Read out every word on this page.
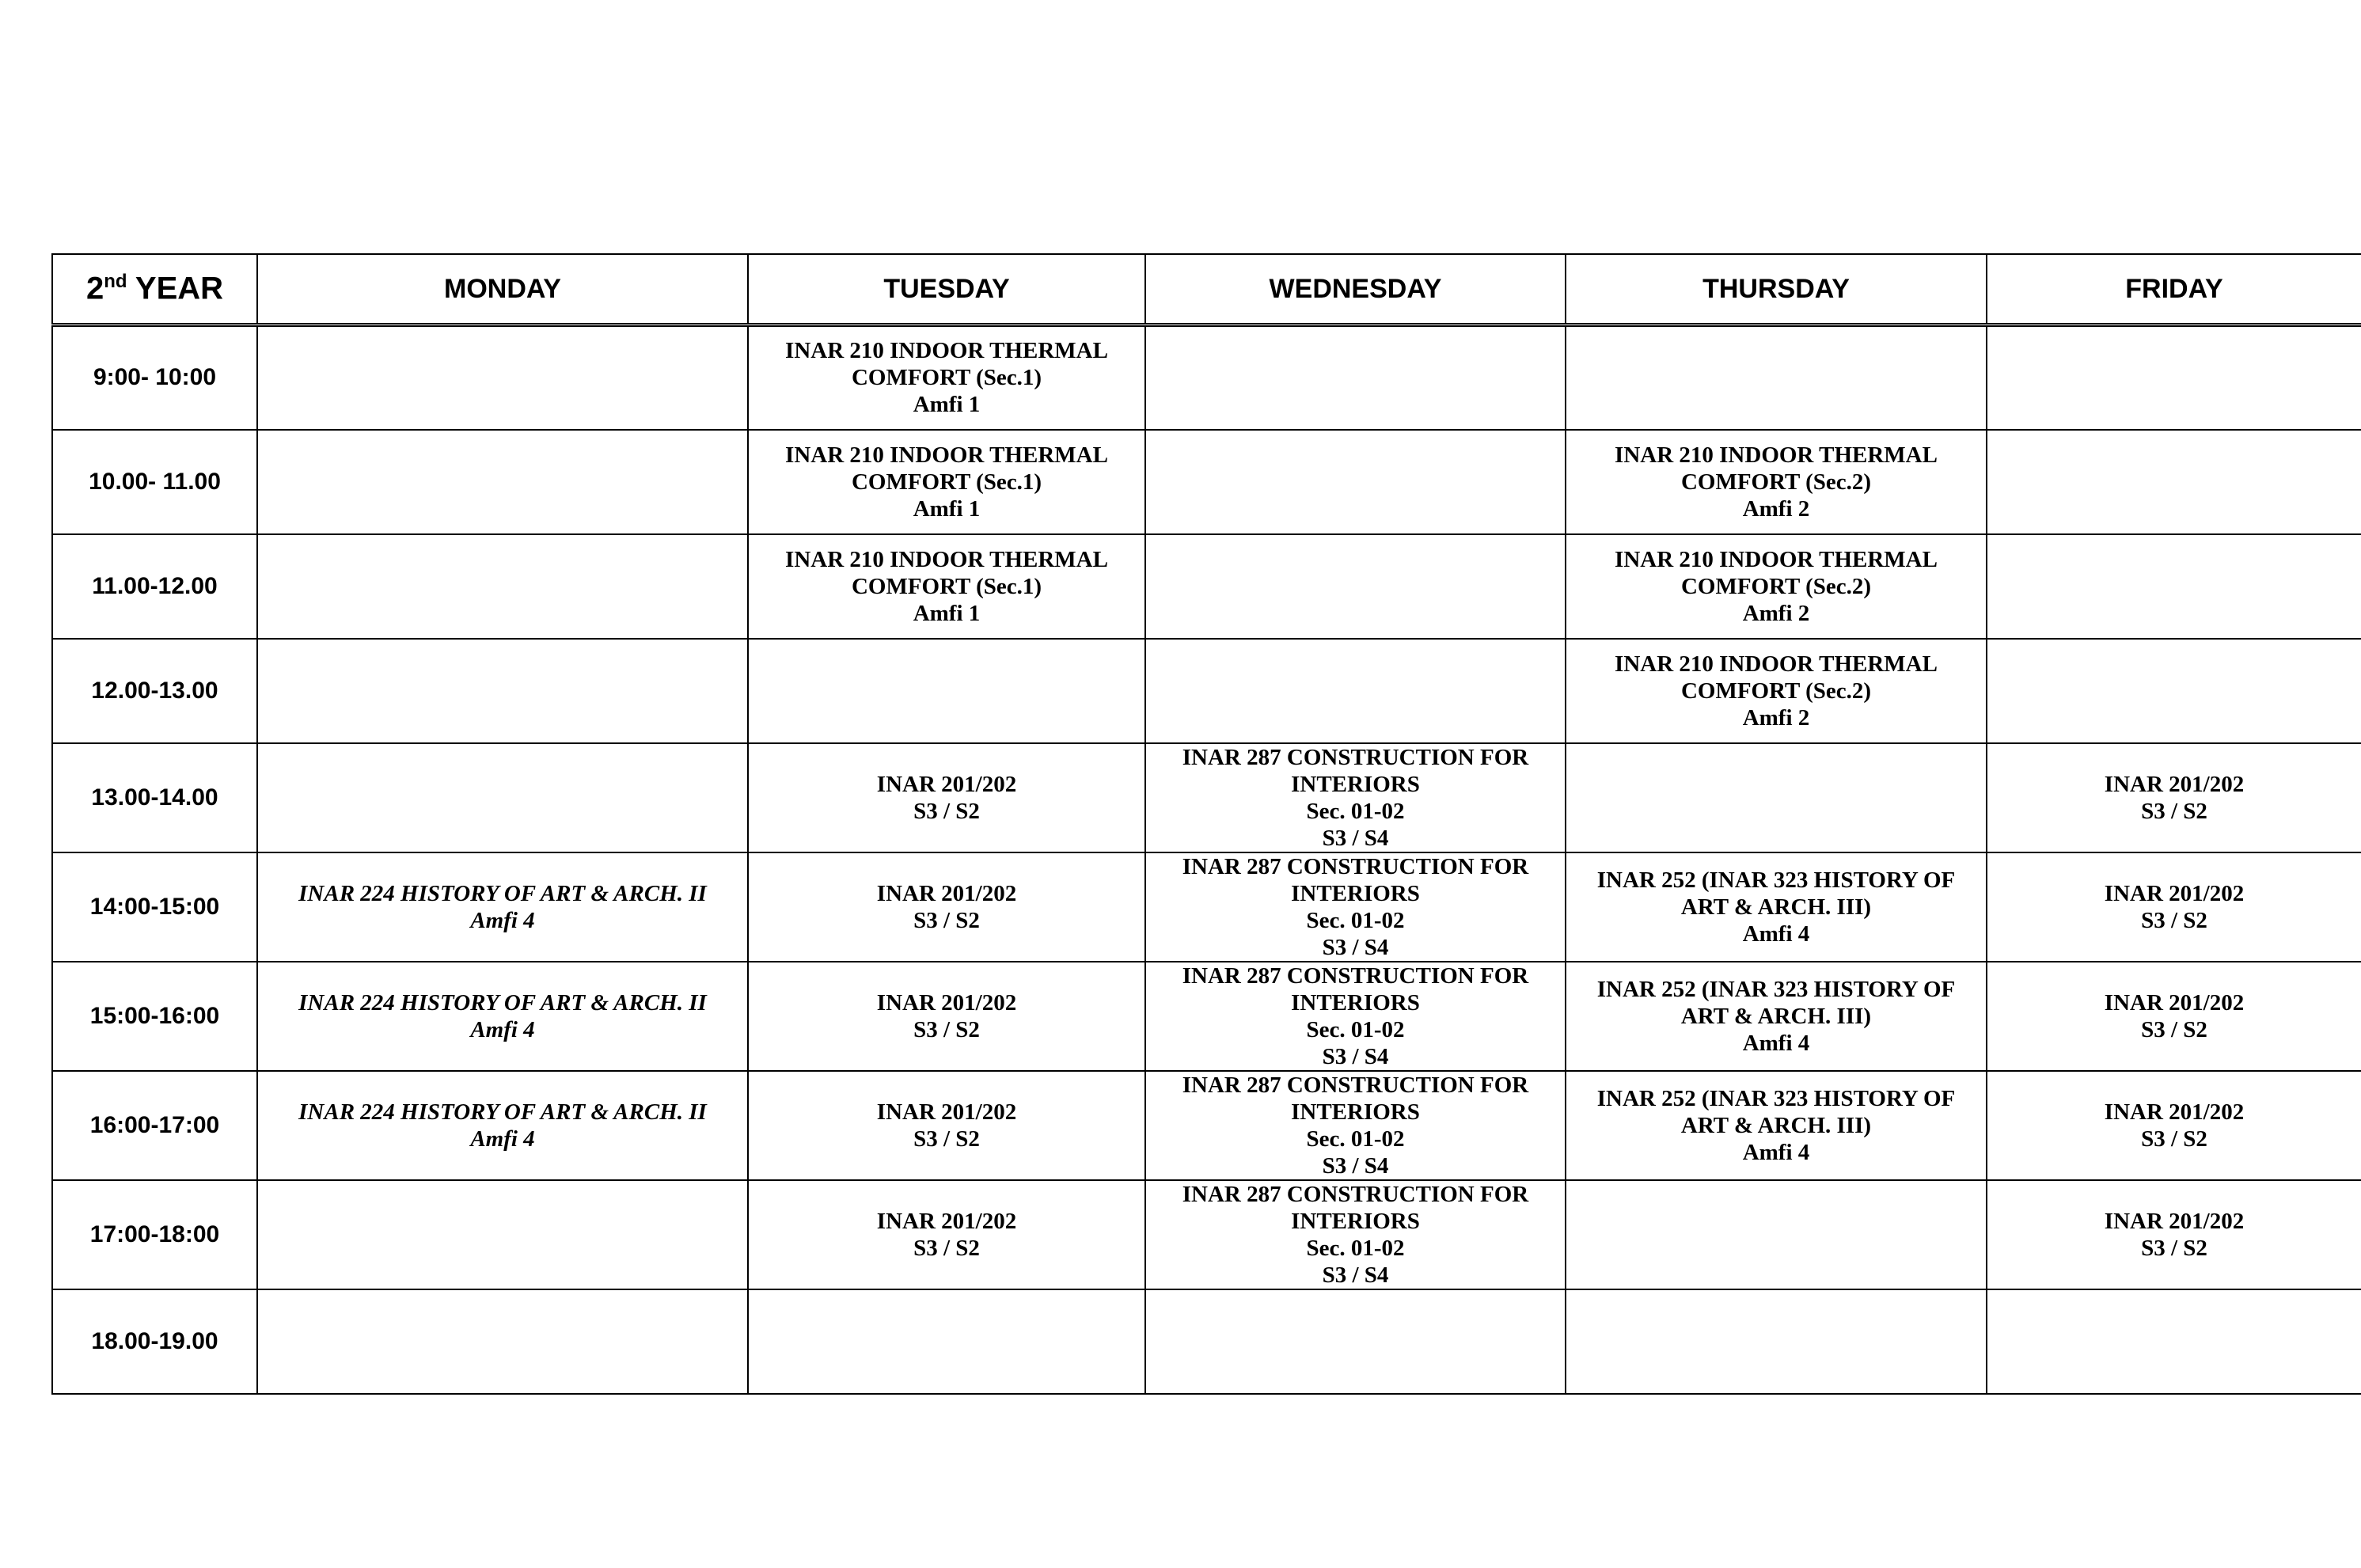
2nd YEAR	MONDAY	TUESDAY	WEDNESDAY	THURSDAY	FRIDAY
9:00- 10:00		INAR 210 INDOOR THERMAL
COMFORT (Sec.1)
Amfi 1			

10.00- 11.00		INAR 210 INDOOR THERMAL
COMFORT (Sec.1)
Amfi 1		INAR 210 INDOOR THERMAL
COMFORT (Sec.2)
Amfi 2	

11.00-12.00		INAR 210 INDOOR THERMAL
COMFORT (Sec.1)
Amfi 1		INAR 210 INDOOR THERMAL
COMFORT (Sec.2)
Amfi 2	

12.00-13.00				INAR 210 INDOOR THERMAL
COMFORT (Sec.2)
Amfi 2	

13.00-14.00		INAR 201/202
S3 / S2	INAR 287 CONSTRUCTION FOR
INTERIORS
Sec. 01-02
S3 / S4		INAR 201/202
S3 / S2

14:00-15:00	INAR 224 HISTORY OF ART & ARCH. II
Amfi 4	INAR 201/202
S3 / S2	INAR 287 CONSTRUCTION FOR
INTERIORS
Sec. 01-02
S3 / S4	INAR 252 (INAR 323 HISTORY OF
ART & ARCH. III)
Amfi 4	INAR 201/202
S3 / S2

15:00-16:00	INAR 224 HISTORY OF ART & ARCH. II
Amfi 4	INAR 201/202
S3 / S2	INAR 287 CONSTRUCTION FOR
INTERIORS
Sec. 01-02
S3 / S4	INAR 252 (INAR 323 HISTORY OF
ART & ARCH. III)
Amfi 4	INAR 201/202
S3 / S2

16:00-17:00	INAR 224 HISTORY OF ART & ARCH. II
Amfi 4	INAR 201/202
S3 / S2	INAR 287 CONSTRUCTION FOR
INTERIORS
Sec. 01-02
S3 / S4	INAR 252 (INAR 323 HISTORY OF
ART & ARCH. III)
Amfi 4	INAR 201/202
S3 / S2

17:00-18:00		INAR 201/202
S3 / S2	INAR 287 CONSTRUCTION FOR
INTERIORS
Sec. 01-02
S3 / S4		INAR 201/202
S3 / S2

18.00-19.00					
